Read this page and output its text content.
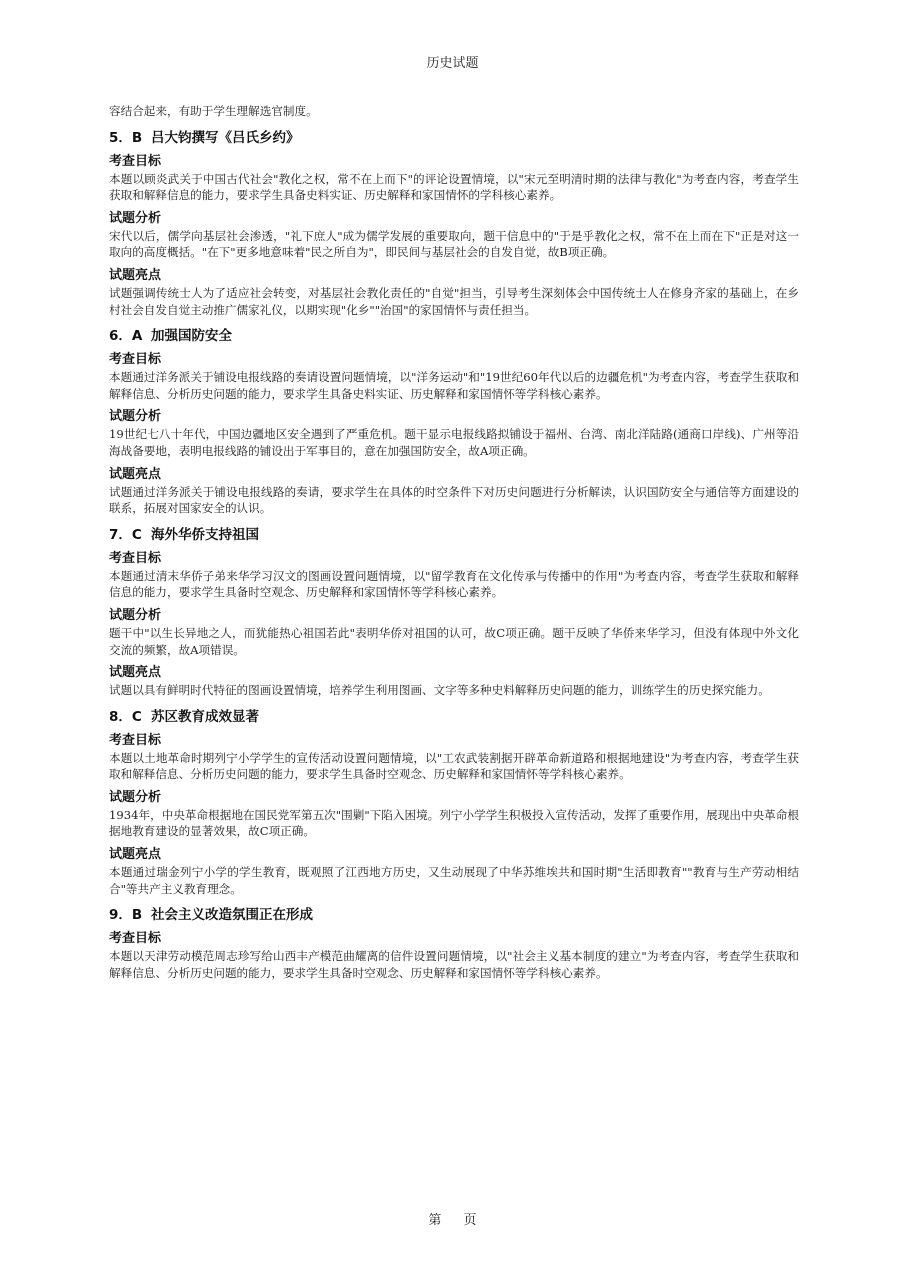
历史试题

容结合起来，有助于学生理解选官制度。

5．B 吕大钧撰写《吕氏乡约》
考查目标

本题以顾炎武关于中国古代社会"教化之权，常不在上而下"的评论设置情境，以"宋元至明清时期的法律与教化"为考查内容，考查学生获取和解释信息的能力，要求学生具备史料实证、历史解释和家国情怀的学科核心素养。

试题分析

宋代以后，儒学向基层社会渗透，"礼下庶人"成为儒学发展的重要取向，题干信息中的"于是乎教化之权，常不在上而在下"正是对这一取向的高度概括。"在下"更多地意味着"民之所自为"，即民间与基层社会的自发自觉，故B项正确。

试题亮点

试题强调传统士人为了适应社会转变，对基层社会教化责任的"自觉"担当，引导考生深刻体会中国传统士人在修身齐家的基础上，在乡村社会自发自觉主动推广儒家礼仪，以期实现"化乡""治国"的家国情怀与责任担当。

6．A 加强国防安全
考查目标

本题通过洋务派关于铺设电报线路的奏请设置问题情境，以"洋务运动"和"19世纪60年代以后的边疆危机"为考查内容，考查学生获取和解释信息、分析历史问题的能力，要求学生具备史料实证、历史解释和家国情怀等学科核心素养。

试题分析

19世纪七八十年代，中国边疆地区安全遇到了严重危机。题干显示电报线路拟铺设于福州、台湾、南北洋陆路(通商口岸线)、广州等沿海战备要地，表明电报线路的铺设出于军事目的，意在加强国防安全，故A项正确。

试题亮点

试题通过洋务派关于铺设电报线路的奏请，要求学生在具体的时空条件下对历史问题进行分析解读，认识国防安全与通信等方面建设的联系，拓展对国家安全的认识。

7．C 海外华侨支持祖国
考查目标

本题通过清末华侨子弟来华学习汉文的图画设置问题情境，以"留学教育在文化传承与传播中的作用"为考查内容，考查学生获取和解释信息的能力，要求学生具备时空观念、历史解释和家国情怀等学科核心素养。

试题分析

题干中"以生长异地之人，而犹能热心祖国若此"表明华侨对祖国的认可，故C项正确。题干反映了华侨来华学习，但没有体现中外文化交流的频繁，故A项错误。

试题亮点

试题以具有鲜明时代特征的图画设置情境，培养学生利用图画、文字等多种史料解释历史问题的能力，训练学生的历史探究能力。

8．C 苏区教育成效显著
考查目标

本题以土地革命时期列宁小学学生的宣传活动设置问题情境，以"工农武装割据开辟革命新道路和根据地建设"为考查内容，考查学生获取和解释信息、分析历史问题的能力，要求学生具备时空观念、历史解释和家国情怀等学科核心素养。

试题分析

1934年，中央革命根据地在国民党军第五次"围剿"下陷入困境。列宁小学学生积极投入宣传活动，发挥了重要作用，展现出中央革命根据地教育建设的显著效果，故C项正确。

试题亮点

本题通过瑞金列宁小学的学生教育，既观照了江西地方历史，又生动展现了中华苏维埃共和国时期"生活即教育""教育与生产劳动相结合"等共产主义教育理念。

9．B 社会主义改造氛围正在形成
考查目标

本题以天津劳动模范周志珍写给山西丰产模范曲耀离的信件设置问题情境，以"社会主义基本制度的建立"为考查内容，考查学生获取和解释信息、分析历史问题的能力，要求学生具备时空观念、历史解释和家国情怀等学科核心素养。

第 页
